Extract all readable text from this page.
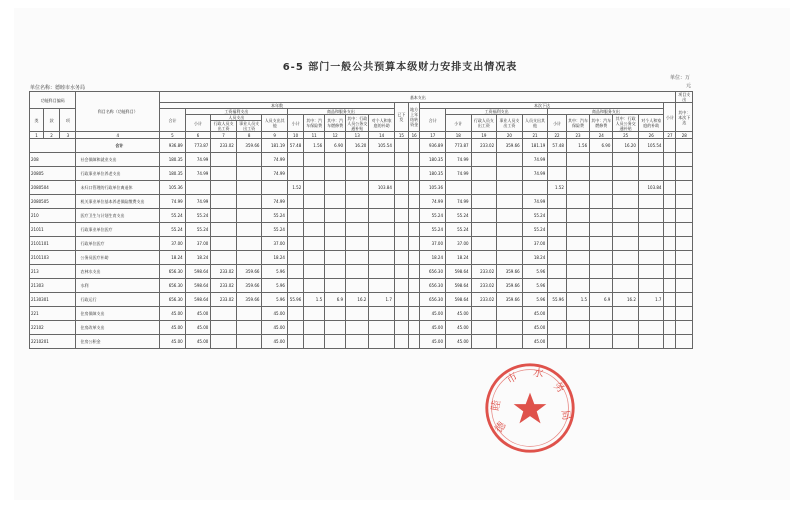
6-5 部门一般公共预算本级财力安排支出情况表
单位：万
元
单位名称：德睦市水务局
功能科目编码			科目名称（功能科目）	基本支出																							项目支出
				本年数										已下发	地方上年结转资金	本次下达										小计	其中：本次下达
类	款	项		合计	工资福利支出				商品和服务支出							合计	工资福利支出				商品和服务支出						
					小计	人员支出		人员支出其他	小计	其中：汽车保险费	其中：汽车燃修费	其中：行政人员公务交通补贴	对个人和家庭的补助				小计	行政人员支出工资	事业人员支出工资	人员支出其他	小计	其中：汽车保险费	其中：汽车燃修费	其中：行政人员公务交通补贴	对个人和家庭的补助		
						行政人员支出工资	事业人员支出工资																				
1	2	3	4	5	6	7	8	9	10	11	12	13	14	15	16	17	18	19	20	21	22	23	24	25	26	27	28
			合计	936.89	773.87	233.02	359.66	181.19	57.48	1.56	6.90	16.20	105.54			936.89	773.87	233.02	359.66	181.19	57.48	1.56	6.90	16.20	105.54		
208			社会保障和就业支出	180.35	74.99			74.99								180.35	74.99			74.99							
20805			行政事业单位养老支出	180.35	74.99			74.99								180.35	74.99			74.99							
2080504			未归口管理的行政单位离退休	105.36					1.52				103.84			105.36					1.52				103.84		
2080505			机关事业单位基本养老保险缴费支出	74.99	74.99			74.99								74.99	74.99			74.99							
210			医疗卫生与计划生育支出	55.24	55.24			55.24								55.24	55.24			55.24							
21011			行政事业单位医疗	55.24	55.24			55.24								55.24	55.24			55.24							
2101101			行政单位医疗	37.00	37.00			37.00								37.00	37.00			37.00							
2101103			公务员医疗补助	18.24	18.24			18.24								18.24	18.24			18.24							
213			农林水支出	656.30	598.64	233.02	359.66	5.96								656.30	598.64	233.02	359.66	5.96							
21303			水利	656.30	598.64	233.02	359.66	5.96								656.30	598.64	233.02	359.66	5.96							
2130301			行政运行	656.30	598.64	233.02	359.66	5.96	55.96	1.5	6.9	16.2	1.7			656.30	598.64	233.02	359.66	5.96	55.96	1.5	6.9	16.2	1.7		
221			住房保障支出	45.00	45.00			45.00								45.00	45.00			45.00							
22102			住房改革支出	45.00	45.00			45.00								45.00	45.00			45.00							
2210201			住房公积金	45.00	45.00			45.00								45.00	45.00			45.00							
德
睦
市 水
务
局
